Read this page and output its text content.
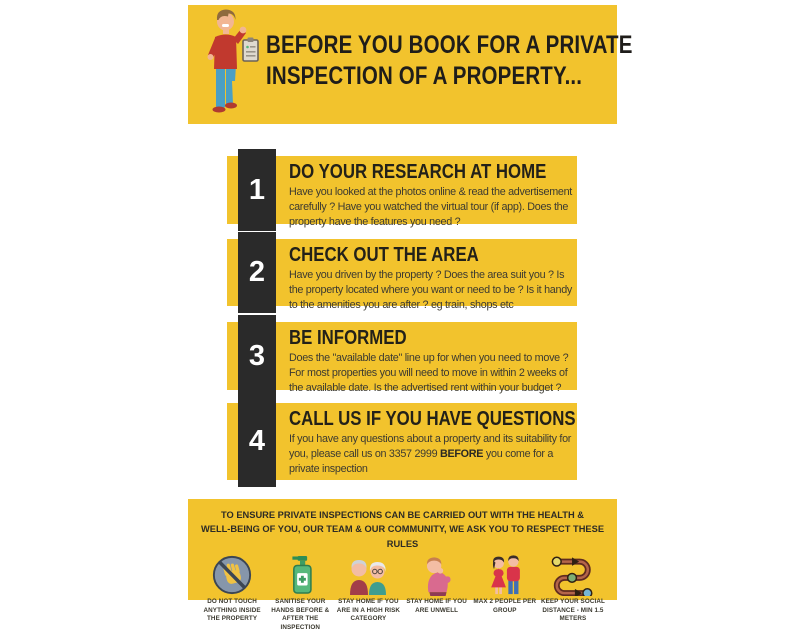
BEFORE YOU BOOK FOR A PRIVATE
INSPECTION OF A PROPERTY...
1
DO YOUR RESEARCH AT HOME

Have you looked at the photos online & read the advertisement carefully ? Have you watched the virtual tour (if app). Does the property have the features you need ?

2
CHECK OUT THE AREA

Have you driven by the property ? Does the area suit you ? Is the property located where you want or need to be ? Is it handy to the amenities you are after ? eg train, shops etc

3
BE INFORMED

Does the "available date" line up for when you need to move ? For most properties you will need to move in within 2 weeks of the available date. Is the advertised rent within your budget ?

4
CALL US IF YOU HAVE QUESTIONS

If you have any questions about a property and its suitability for you, please call us on 3357 2999 BEFORE you come for a private inspection

TO ENSURE PRIVATE INSPECTIONS CAN BE CARRIED OUT WITH THE HEALTH &
WELL-BEING OF YOU, OUR TEAM & OUR COMMUNITY, WE ASK YOU TO RESPECT THESE RULES
DO NOT TOUCH ANYTHING INSIDE THE PROPERTY
SANITISE YOUR HANDS BEFORE & AFTER THE INSPECTION
STAY HOME IF YOU ARE IN A HIGH RISK CATEGORY
STAY HOME IF YOU ARE UNWELL
MAX 2 PEOPLE PER GROUP
KEEP YOUR SOCIAL DISTANCE - MIN 1.5 METERS
